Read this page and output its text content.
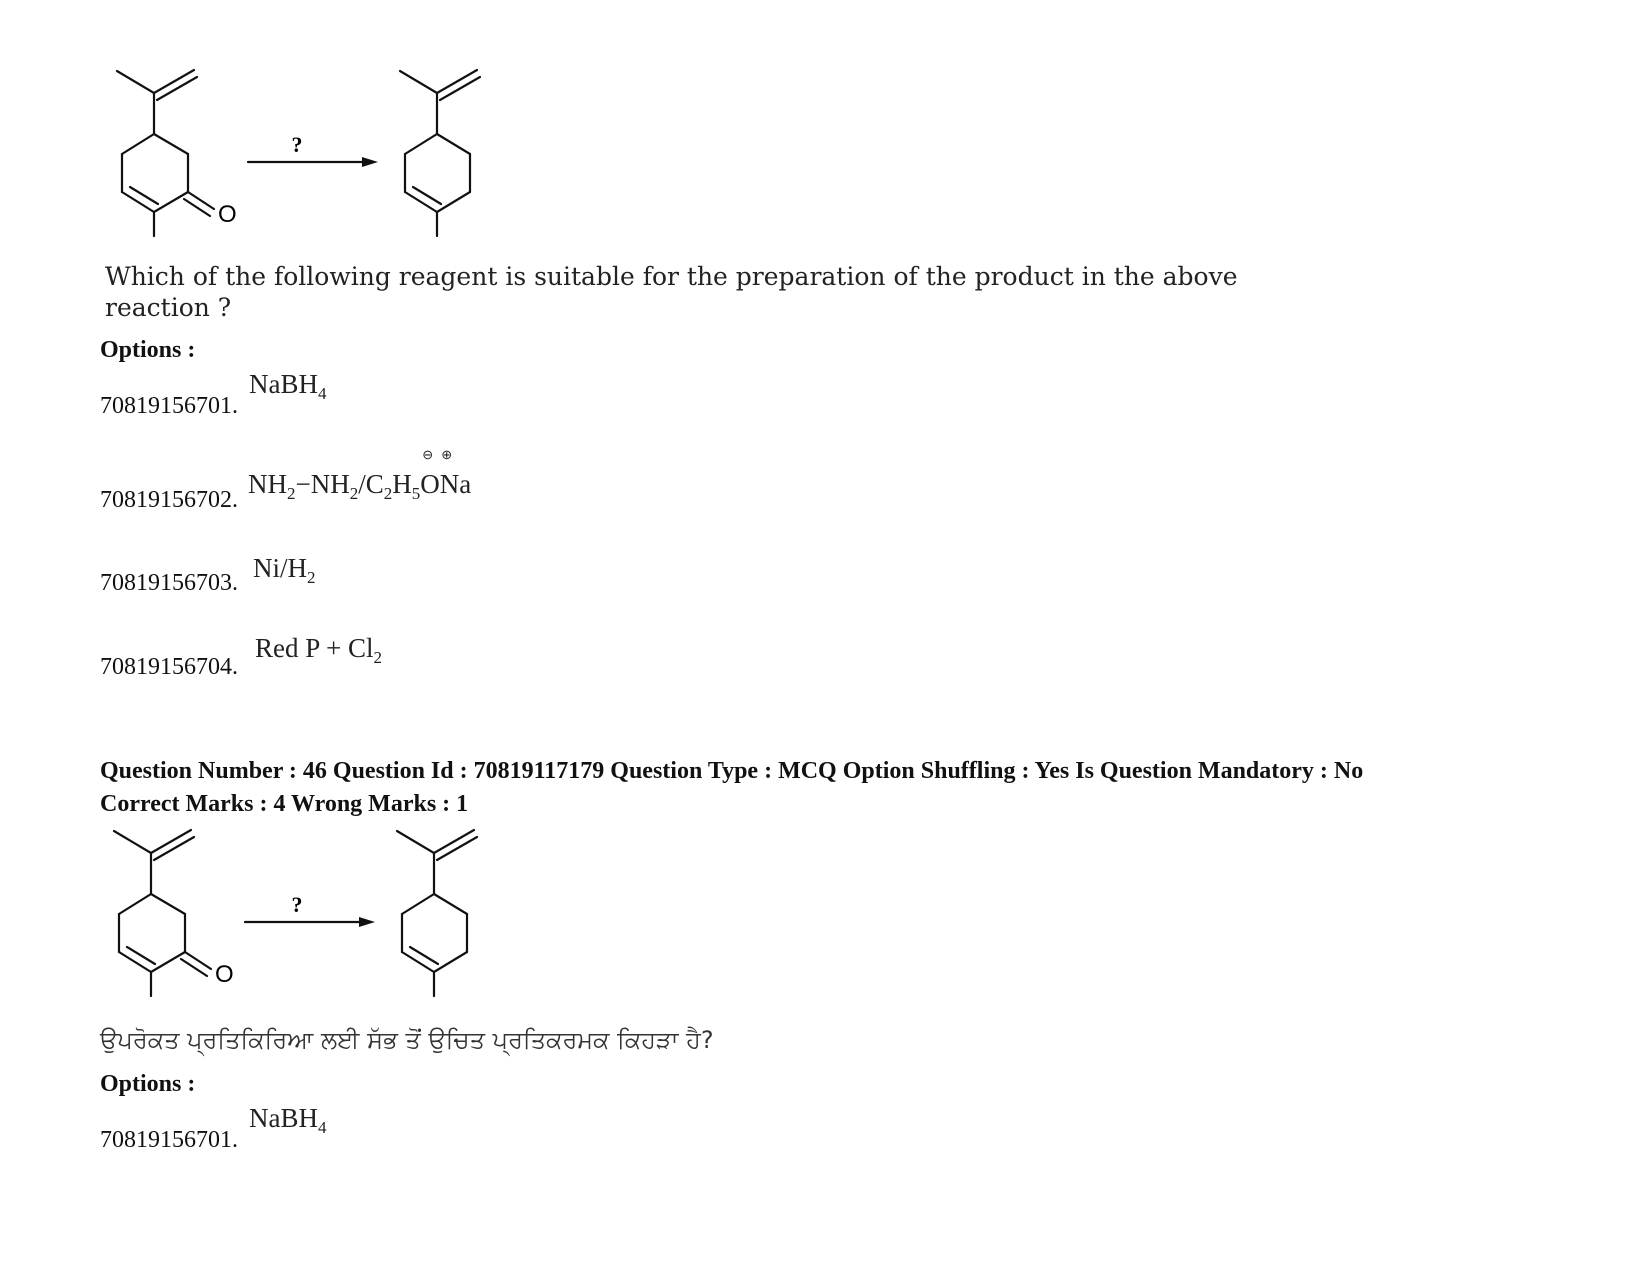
?
O
Which of the following reagent is suitable for the preparation of the product in the above
reaction ?
Options :
70819156701.
NaBH$_4$
70819156702.
$NH_2-NH_2/C_2H_5$
⊖ ⊕
ONa
70819156703. $Ni/H_2$
70819156704.
Red $P + Cl_2$
Question Number : 46 Question Id : 70819117179 Question Type : MCQ Option Shuffling : Yes Is Question Mandatory : No
Correct Marks : 4 Wrong Marks : 1
?
O
ਉਪਰੋਕਤ ਪ੍ਰਤਿਕਿਰਿਆ ਲਈ ਸੱਭ ਤੋਂ ਉਚਿਤ ਪ੍ਰਤਿਕਰਮਕ ਕਿਹੜਾ ਹੈ?
Options :
70819156701.
NaBH$_4$
